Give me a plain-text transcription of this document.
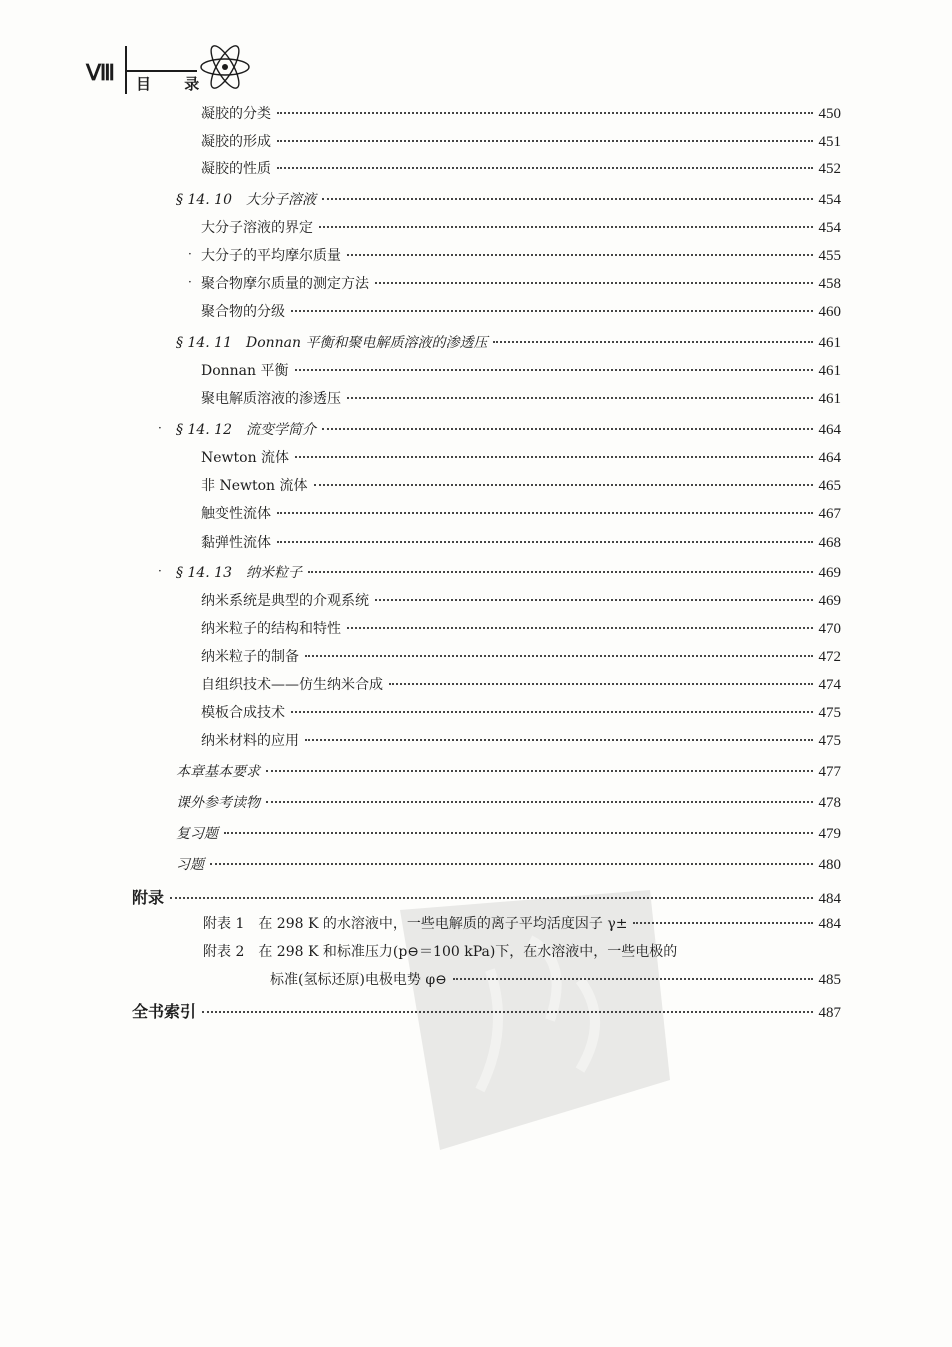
Ⅷ 目 录
凝胶的分类	450
凝胶的形成	451
凝胶的性质	452
§ 14. 10　大分子溶液	454
大分子溶液的界定	454
· 大分子的平均摩尔质量	455
· 聚合物摩尔质量的测定方法	458
聚合物的分级	460
§ 14. 11　Donnan 平衡和聚电解质溶液的渗透压	461
Donnan 平衡	461
聚电解质溶液的渗透压	461
· § 14. 12　流变学简介	464
Newton 流体	464
非 Newton 流体	465
触变性流体	467
黏弹性流体	468
· § 14. 13　纳米粒子	469
纳米系统是典型的介观系统	469
纳米粒子的结构和特性	470
纳米粒子的制备	472
自组织技术——仿生纳米合成	474
模板合成技术	475
纳米材料的应用	475
本章基本要求	477
课外参考读物	478
复习题	479
习题	480
附录	484
附表 1　在 298 K 的水溶液中，一些电解质的离子平均活度因子 γ±	484
附表 2　在 298 K 和标准压力(p⊖＝100 kPa)下，在水溶液中，一些电极的
标准(氢标还原)电极电势 φ⊖	485
全书索引	487
